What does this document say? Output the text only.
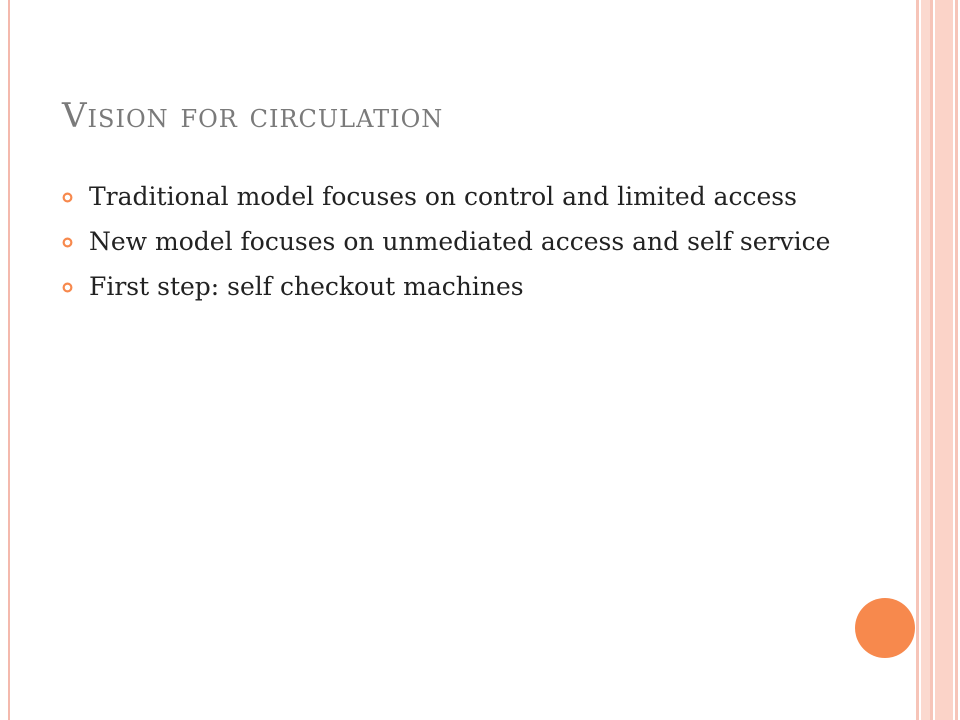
Vision for circulation
Traditional model focuses on control and limited access
New model focuses on unmediated access and self service
First step: self checkout machines
